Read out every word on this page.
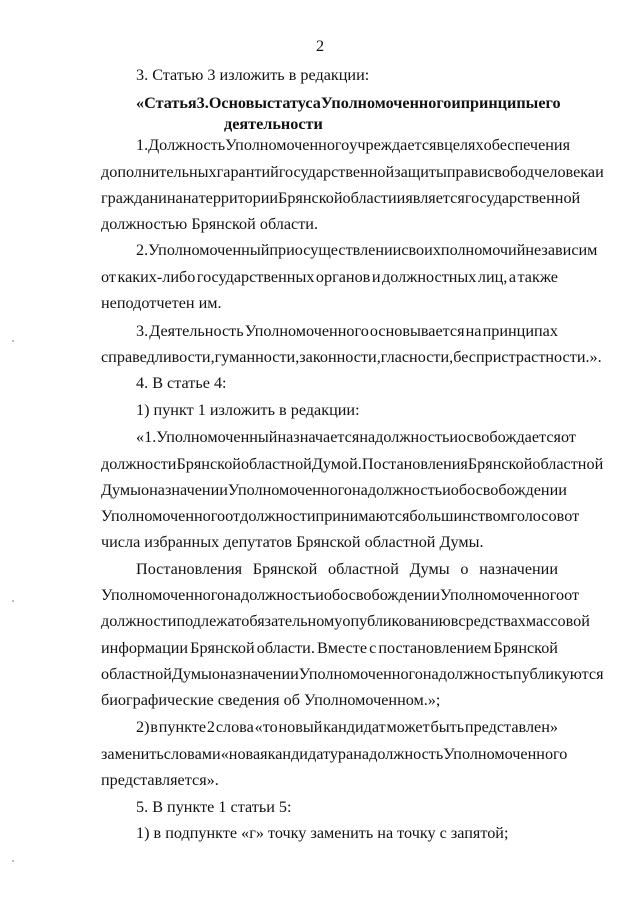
2
3. Статью 3 изложить в редакции:
«Статья 3. Основы статуса Уполномоченного и принципы его
деятельности
1. Должность Уполномоченного учреждается в целях обеспечения
дополнительных гарантий государственной защиты прав и свобод человека и
гражданина на территории Брянской области и является государственной
должностью Брянской области.
2. Уполномоченный при осуществлении своих полномочий независим
от каких-либо государственных органов и должностных лиц, а также
неподотчетен им.
3. Деятельность Уполномоченного основывается на принципах
справедливости, гуманности, законности, гласности, беспристрастности.».
4. В статье 4:
1) пункт 1 изложить в редакции:
«1. Уполномоченный назначается на должность и освобождается от
должности Брянской областной Думой. Постановления Брянской областной
Думы о назначении Уполномоченного на должность и об освобождении
Уполномоченного от должности принимаются большинством голосов от
числа избранных депутатов Брянской областной Думы.
Постановления Брянской областной Думы о назначении
Уполномоченного на должность и об освобождении Уполномоченного от
должности подлежат обязательному опубликованию в средствах массовой
информации Брянской области. Вместе с постановлением Брянской
областной Думы о назначении Уполномоченного на должность публикуются
биографические сведения об Уполномоченном.»;
2) в пункте 2 слова «то новый кандидат может быть представлен»
заменить словами «новая кандидатура на должность Уполномоченного
представляется».
5. В пункте 1 статьи 5:
1) в подпункте «г» точку заменить на точку с запятой;
